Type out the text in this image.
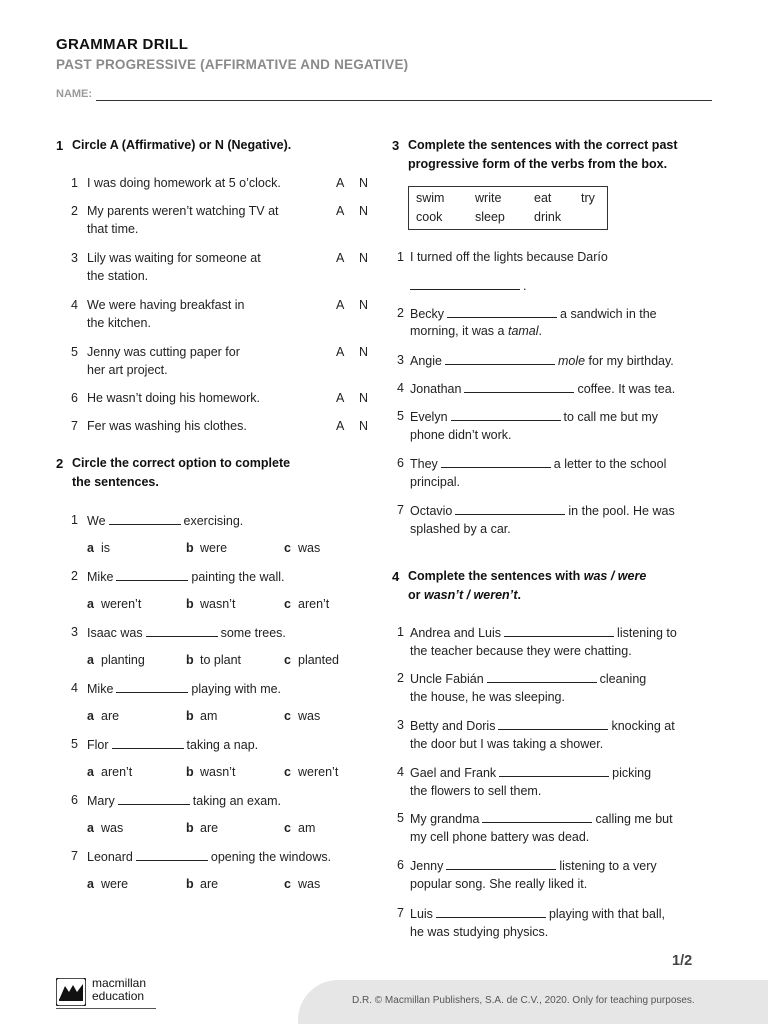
GRAMMAR DRILL
PAST PROGRESSIVE (AFFIRMATIVE AND NEGATIVE)
NAME:
1 Circle A (Affirmative) or N (Negative).
1 I was doing homework at 5 o’clock.	A N
2 My parents weren’t watching TV at
that time.
A N
3 Lily was waiting for someone at
the station.
A N
4 We were having breakfast in
the kitchen.
A N
5 Jenny was cutting paper for
her art project.
A N
6 He wasn’t doing his homework.	A N
7 Fer was washing his clothes.	A N
2 Circle the correct option to complete
the sentences.
1 We	exercising.
a is	b were	c was
2 Mike	painting the wall.
a weren’t	b wasn’t	c aren’t
3 Isaac was	some trees.
a planting	b to plant	c planted
4 Mike	playing with me.
a are	b am	c was
5 Flor	taking a nap.
a aren’t	b wasn’t	c weren’t
6 Mary	taking an exam.
a was	b are	c am
7 Leonard	opening the windows.
a were	b are	c was
3 Complete the sentences with the correct past
progressive form of the verbs from the box.
swim write	eat try
cook	sleep drink
1 I turned off the lights because Darío
.
2 Becky	a sandwich in the
morning, it was a tamal.
3 Angie	mole for my birthday.
4 Jonathan	coffee. It was tea.
5 Evelyn	to call me but my
phone didn’t work.
6 They	a letter to the school
principal.
7 Octavio	in the pool. He was
splashed by a car.
4 Complete the sentences with was / were
or wasn’t / weren’t.
1 Andrea and Luis	listening to
the teacher because they were chatting.
2 Uncle Fabián	cleaning
the house, he was sleeping.
3 Betty and Doris	knocking at
the door but I was taking a shower.
4 Gael and Frank	picking
the flowers to sell them.
5 My grandma	calling me but
my cell phone battery was dead.
6 Jenny	listening to a very
popular song. She really liked it.
7 Luis	playing with that ball,
he was studying physics.
1/2
D.R. © Macmillan Publishers, S.A. de C.V., 2020. Only for teaching purposes.
macmillan
education
